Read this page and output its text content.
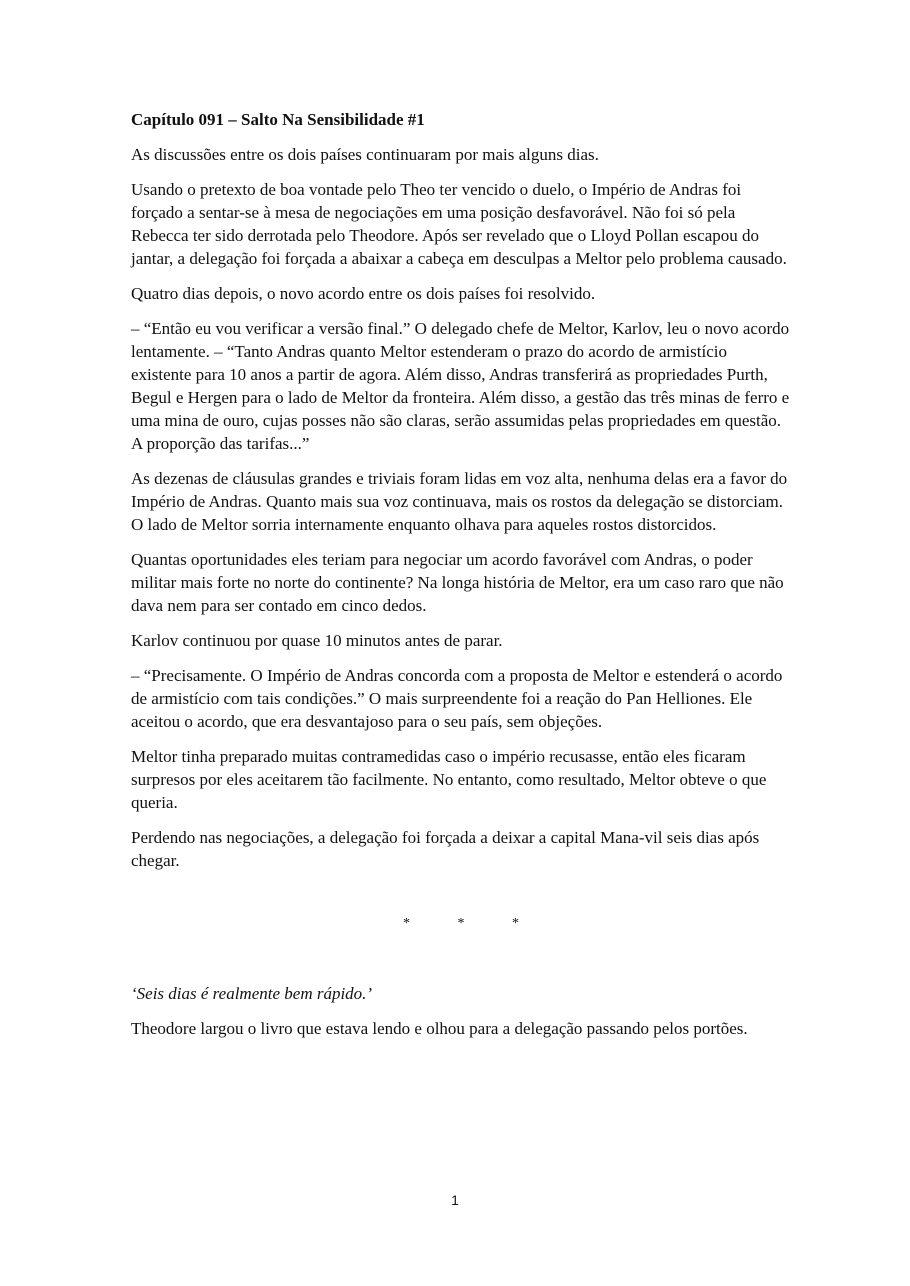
Capítulo 091 – Salto Na Sensibilidade #1

As discussões entre os dois países continuaram por mais alguns dias.

Usando o pretexto de boa vontade pelo Theo ter vencido o duelo, o Império de Andras foi forçado a sentar-se à mesa de negociações em uma posição desfavorável. Não foi só pela Rebecca ter sido derrotada pelo Theodore. Após ser revelado que o Lloyd Pollan escapou do jantar, a delegação foi forçada a abaixar a cabeça em desculpas a Meltor pelo problema causado.

Quatro dias depois, o novo acordo entre os dois países foi resolvido.

– “Então eu vou verificar a versão final.” O delegado chefe de Meltor, Karlov, leu o novo acordo lentamente. – “Tanto Andras quanto Meltor estenderam o prazo do acordo de armistício existente para 10 anos a partir de agora. Além disso, Andras transferirá as propriedades Purth, Begul e Hergen para o lado de Meltor da fronteira. Além disso, a gestão das três minas de ferro e uma mina de ouro, cujas posses não são claras, serão assumidas pelas propriedades em questão. A proporção das tarifas...”

As dezenas de cláusulas grandes e triviais foram lidas em voz alta, nenhuma delas era a favor do Império de Andras. Quanto mais sua voz continuava, mais os rostos da delegação se distorciam. O lado de Meltor sorria internamente enquanto olhava para aqueles rostos distorcidos.

Quantas oportunidades eles teriam para negociar um acordo favorável com Andras, o poder militar mais forte no norte do continente? Na longa história de Meltor, era um caso raro que não dava nem para ser contado em cinco dedos.

Karlov continuou por quase 10 minutos antes de parar.

– “Precisamente. O Império de Andras concorda com a proposta de Meltor e estenderá o acordo de armistício com tais condições.” O mais surpreendente foi a reação do Pan Helliones. Ele aceitou o acordo, que era desvantajoso para o seu país, sem objeções.

Meltor tinha preparado muitas contramedidas caso o império recusasse, então eles ficaram surpresos por eles aceitarem tão facilmente. No entanto, como resultado, Meltor obteve o que queria.

Perdendo nas negociações, a delegação foi forçada a deixar a capital Mana-vil seis dias após chegar.

* * *

‘Seis dias é realmente bem rápido.’

Theodore largou o livro que estava lendo e olhou para a delegação passando pelos portões.

1
